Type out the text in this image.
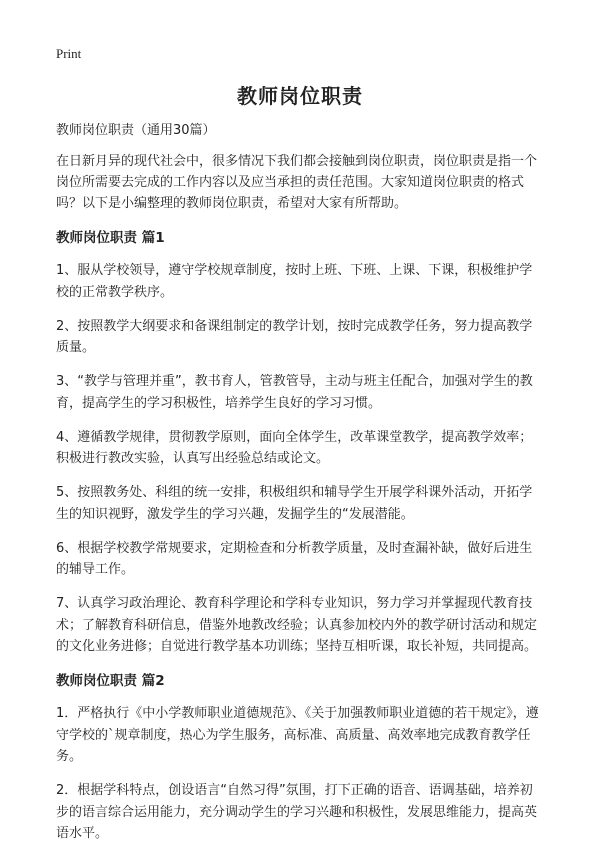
Print
教师岗位职责

教师岗位职责（通用30篇）

在日新月异的现代社会中，很多情况下我们都会接触到岗位职责，岗位职责是指一个岗位所需要去完成的工作内容以及应当承担的责任范围。大家知道岗位职责的格式吗？以下是小编整理的教师岗位职责，希望对大家有所帮助。

教师岗位职责 篇1

1、服从学校领导，遵守学校规章制度，按时上班、下班、上课、下课，积极维护学校的正常教学秩序。

2、按照教学大纲要求和备课组制定的教学计划，按时完成教学任务，努力提高教学质量。

3、“教学与管理并重”，教书育人，管教管导，主动与班主任配合，加强对学生的教育，提高学生的学习积极性，培养学生良好的学习习惯。

4、遵循教学规律，贯彻教学原则，面向全体学生，改革课堂教学，提高教学效率；积极进行教改实验，认真写出经验总结或论文。

5、按照教务处、科组的统一安排，积极组织和辅导学生开展学科课外活动，开拓学生的知识视野，激发学生的学习兴趣，发掘学生的“发展潜能。

6、根据学校教学常规要求，定期检查和分析教学质量，及时查漏补缺，做好后进生的辅导工作。

7、认真学习政治理论、教育科学理论和学科专业知识，努力学习并掌握现代教育技术；了解教育科研信息，借鉴外地教改经验；认真参加校内外的教学研讨活动和规定的文化业务进修；自觉进行教学基本功训练；坚持互相听课，取长补短，共同提高。

教师岗位职责 篇2

1．严格执行《中小学教师职业道德规范》、《关于加强教师职业道德的若干规定》，遵守学校的`规章制度，热心为学生服务，高标准、高质量、高效率地完成教育教学任务。

2．根据学科特点，创设语言“自然习得”氛围，打下正确的语音、语调基础，培养初步的语言综合运用能力，充分调动学生的学习兴趣和积极性，发展思维能力，提高英语水平。
